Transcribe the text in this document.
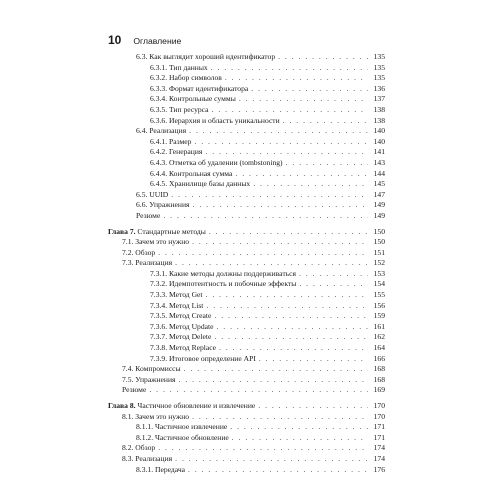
10 Оглавление
6.3. Как выглядит хороший идентификатор . . .	135
6.3.1. Тип данных . . .	135
6.3.2. Набор символов . . .	135
6.3.3. Формат идентификатора . . .	136
6.3.4. Контрольные суммы . . .	137
6.3.5. Тип ресурса . . .	138
6.3.6. Иерархия и область уникальности . . .	138
6.4. Реализация . . .	140
6.4.1. Размер . . .	140
6.4.2. Генерация . . .	141
6.4.3. Отметка об удалении (tombstoning) . . .	143
6.4.4. Контрольная сумма . . .	144
6.4.5. Хранилище базы данных . . .	145
6.5. UUID . . .	147
6.6. Упражнения . . .	149
Резюме . . .	149
Глава 7. Стандартные методы . . .	150
7.1. Зачем это нужно . . .	150
7.2. Обзор . . .	151
7.3. Реализация . . .	152
7.3.1. Какие методы должны поддерживаться . . .	153
7.3.2. Идемпотентность и побочные эффекты . . .	154
7.3.3. Метод Get . . .	155
7.3.4. Метод List . . .	156
7.3.5. Метод Create . . .	159
7.3.6. Метод Update . . .	161
7.3.7. Метод Delete . . .	162
7.3.8. Метод Replace . . .	164
7.3.9. Итоговое определение API . . .	166
7.4. Компромиссы . . .	168
7.5. Упражнения . . .	168
Резюме . . .	169
Глава 8. Частичное обновление и извлечение . . .	170
8.1. Зачем это нужно . . .	170
8.1.1. Частичное извлечение . . .	171
8.1.2. Частичное обновление . . .	171
8.2. Обзор . . .	174
8.3. Реализация . . .	174
8.3.1. Передача . . .	176
